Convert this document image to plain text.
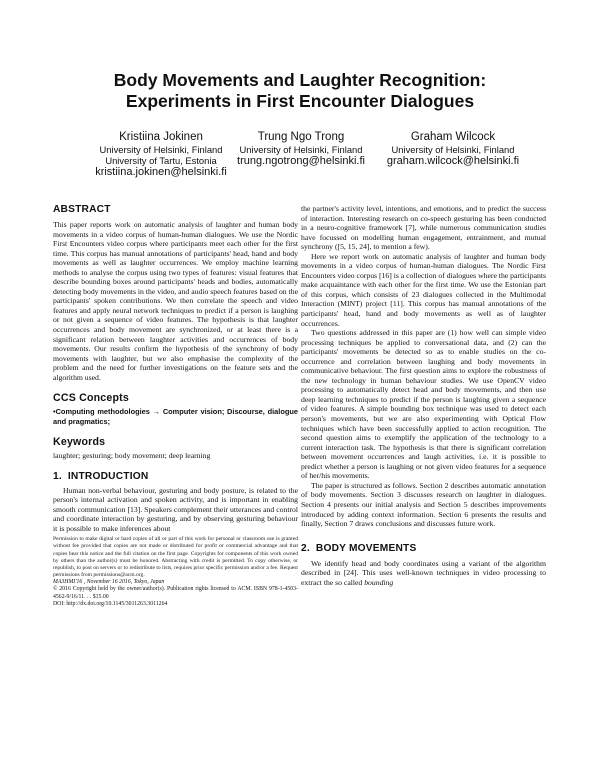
Body Movements and Laughter Recognition:
Experiments in First Encounter Dialogues
Kristiina Jokinen
University of Helsinki, Finland
University of Tartu, Estonia
kristiina.jokinen@helsinki.fi
Trung Ngo Trong
University of Helsinki, Finland
trung.ngotrong@helsinki.fi
Graham Wilcock
University of Helsinki, Finland
graham.wilcock@helsinki.fi
ABSTRACT

This paper reports work on automatic analysis of laughter and human body movements in a video corpus of human-human dialogues. We use the Nordic First Encounters video corpus where participants meet each other for the first time. This corpus has manual annotations of participants' head, hand and body movements as well as laughter occurrences. We employ machine learning methods to analyse the corpus using two types of features: visual features that describe bounding boxes around participants' heads and bodies, automatically detecting body movements in the video, and audio speech features based on the participants' spoken contributions. We then correlate the speech and video features and apply neural network techniques to predict if a person is laughing or not given a sequence of video features. The hypothesis is that laughter occurrences and body movement are synchronized, or at least there is a significant relation between laughter activities and occurrences of body movements. Our results confirm the hypothesis of the synchrony of body movements with laughter, but we also emphasise the complexity of the problem and the need for further investigations on the feature sets and the algorithm used.

CCS Concepts

•Computing methodologies → Computer vision; Discourse, dialogue and pragmatics;

Keywords

laughter; gesturing; body movement; deep learning

1. INTRODUCTION

Human non-verbal behaviour, gesturing and body posture, is related to the person's internal activation and spoken activity, and is important in enabling smooth communication [13]. Speakers complement their utterances and control and coordinate interaction by gesturing, and by observing gesturing behaviour it is possible to make inferences about

Permission to make digital or hard copies of all or part of this work for personal or classroom use is granted without fee provided that copies are not made or distributed for profit or commercial advantage and that copies bear this notice and the full citation on the first page. Copyrights for components of this work owned by others than the author(s) must be honored. Abstracting with credit is permitted. To copy otherwise, or republish, to post on servers or to redistribute to lists, requires prior specific permission and/or a fee. Request permissions from permissions@acm.org.

MA3HMI'16 , November 16 2016, Tokyo, Japan

© 2016 Copyright held by the owner/author(s). Publication rights licensed to ACM. ISBN 978-1-4503-4562-9/16/11. . . $15.00

DOI: http://dx.doi.org/10.1145/3011263.3011264

the partner's activity level, intentions, and emotions, and to predict the success of interaction. Interesting research on co-speech gesturing has been conducted in a neuro-cognitive framework [7], while numerous communication studies have focussed on modelling human engagement, entrainment, and mutual synchrony ([5, 15, 24], to mention a few).

Here we report work on automatic analysis of laughter and human body movements in a video corpus of human-human dialogues. The Nordic First Encounters video corpus [16] is a collection of dialogues where the participants make acquaintance with each other for the first time. We use the Estonian part of this corpus, which consists of 23 dialogues collected in the Multimodal Interaction (MINT) project [11]. This corpus has manual annotations of the participants' head, hand and body movements as well as of laughter occurrences.

Two questions addressed in this paper are (1) how well can simple video processing techniques be applied to conversational data, and (2) can the participants' movements be detected so as to enable studies on the co-occurrence and correlation between laughing and body movements in communicative behaviour. The first question aims to explore the robustness of the new technology in human behaviour studies. We use OpenCV video processing to automatically detect head and body movements, and then use deep learning techniques to predict if the person is laughing given a sequence of video features. A simple bounding box technique was used to detect each person's movements, but we are also experimenting with Optical Flow techniques which have been successfully applied to action recognition. The second question aims to exemplify the application of the technology to a current interaction task. The hypothesis is that there is significant correlation between movement occurrences and laugh activities, i.e. it is possible to predict whether a person is laughing or not given video features for a sequence of her/his movements.

The paper is structured as follows. Section 2 describes automatic annotation of body movements. Section 3 discusses research on laughter in dialogues. Section 4 presents our initial analysis and Section 5 describes improvements introduced by adding context information. Section 6 presents the results and finally, Section 7 draws conclusions and discusses future work.

2. BODY MOVEMENTS

We identify head and body coordinates using a variant of the algorithm described in [24]. This uses well-known techniques in video processing to extract the so called bounding
